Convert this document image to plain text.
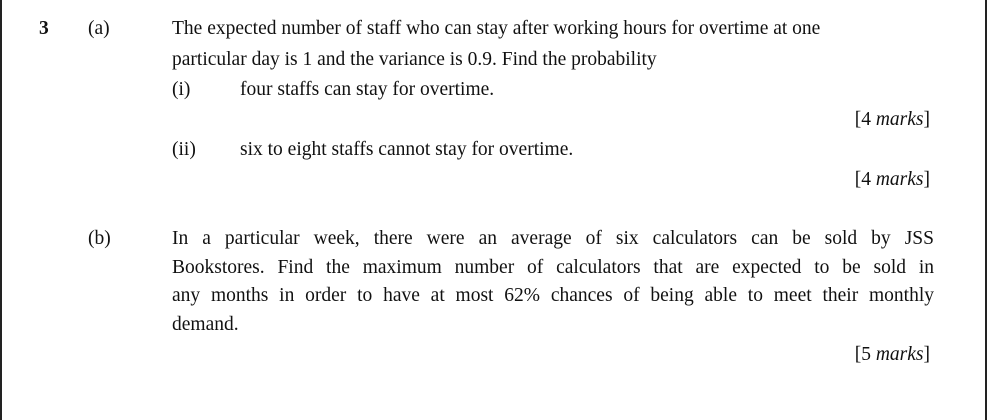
3 (a)	The expected number of staff who can stay after working hours for overtime at one
particular day is 1 and the variance is 0.9. Find the probability
(i)	four staffs can stay for overtime.
[4 marks]
(ii) six to eight staffs cannot stay for overtime.
[4 marks]
(b)	In a particular week, there were an average of six calculators can be sold by JSS
Bookstores. Find the maximum number of calculators that are expected to be sold in
any months in order to have at most 62% chances of being able to meet their monthly
demand.
[5 marks]
